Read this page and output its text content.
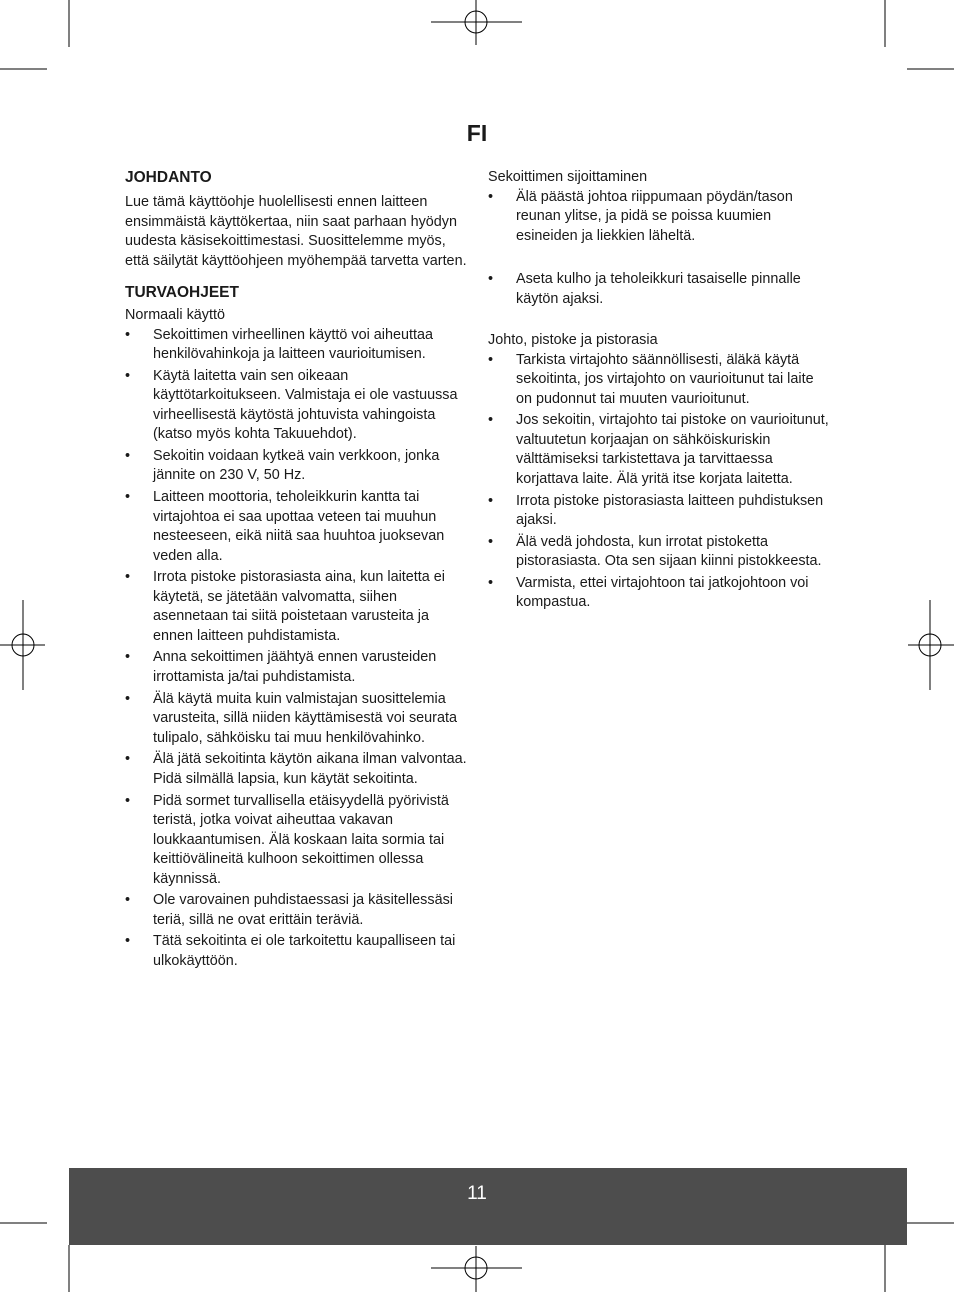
FI
JOHDANTO

Lue tämä käyttöohje huolellisesti ennen laitteen ensimmäistä käyttökertaa, niin saat parhaan hyödyn uudesta käsisekoittimestasi. Suosittelemme myös, että säilytät käyttöohjeen myöhempää tarvetta varten.

TURVAOHJEET
Normaali käyttö
• Sekoittimen virheellinen käyttö voi aiheuttaa henkilövahinkoja ja laitteen vaurioitumisen.
• Käytä laitetta vain sen oikeaan käyttötarkoitukseen. Valmistaja ei ole vastuussa virheellisestä käytöstä johtuvista vahingoista (katso myös kohta Takuuehdot).
• Sekoitin voidaan kytkeä vain verkkoon, jonka jännite on 230 V, 50 Hz.
• Laitteen moottoria, teholeikkurin kantta tai virtajohtoa ei saa upottaa veteen tai muuhun nesteeseen, eikä niitä saa huuhtoa juoksevan veden alla.
• Irrota pistoke pistorasiasta aina, kun laitetta ei käytetä, se jätetään valvomatta, siihen asennetaan tai siitä poistetaan varusteita ja ennen laitteen puhdistamista.
• Anna sekoittimen jäähtyä ennen varusteiden irrottamista ja/tai puhdistamista.
• Älä käytä muita kuin valmistajan suosittelemia varusteita, sillä niiden käyttämisestä voi seurata tulipalo, sähköisku tai muu henkilövahinko.
• Älä jätä sekoitinta käytön aikana ilman valvontaa. Pidä silmällä lapsia, kun käytät sekoitinta.
• Pidä sormet turvallisella etäisyydellä pyörivistä teristä, jotka voivat aiheuttaa vakavan loukkaantumisen. Älä koskaan laita sormia tai keittiövälineitä kulhoon sekoittimen ollessa käynnissä.
• Ole varovainen puhdistaessasi ja käsitellessäsi teriä, sillä ne ovat erittäin teräviä.
• Tätä sekoitinta ei ole tarkoitettu kaupalliseen tai ulkokäyttöön.
Sekoittimen sijoittaminen
• Älä päästä johtoa riippumaan pöydän/tason reunan ylitse, ja pidä se poissa kuumien esineiden ja liekkien läheltä.
• Aseta kulho ja teholeikkuri tasaiselle pinnalle käytön ajaksi.
Johto, pistoke ja pistorasia
• Tarkista virtajohto säännöllisesti, äläkä käytä sekoitinta, jos virtajohto on vaurioitunut tai laite on pudonnut tai muuten vaurioitunut.
• Jos sekoitin, virtajohto tai pistoke on vaurioitunut, valtuutetun korjaajan on sähköiskuriskin välttämiseksi tarkistettava ja tarvittaessa korjattava laite. Älä yritä itse korjata laitetta.
• Irrota pistoke pistorasiasta laitteen puhdistuksen ajaksi.
• Älä vedä johdosta, kun irrotat pistoketta pistorasiasta. Ota sen sijaan kiinni pistokkeesta.
• Varmista, ettei virtajohtoon tai jatkojohtoon voi kompastua.
11
